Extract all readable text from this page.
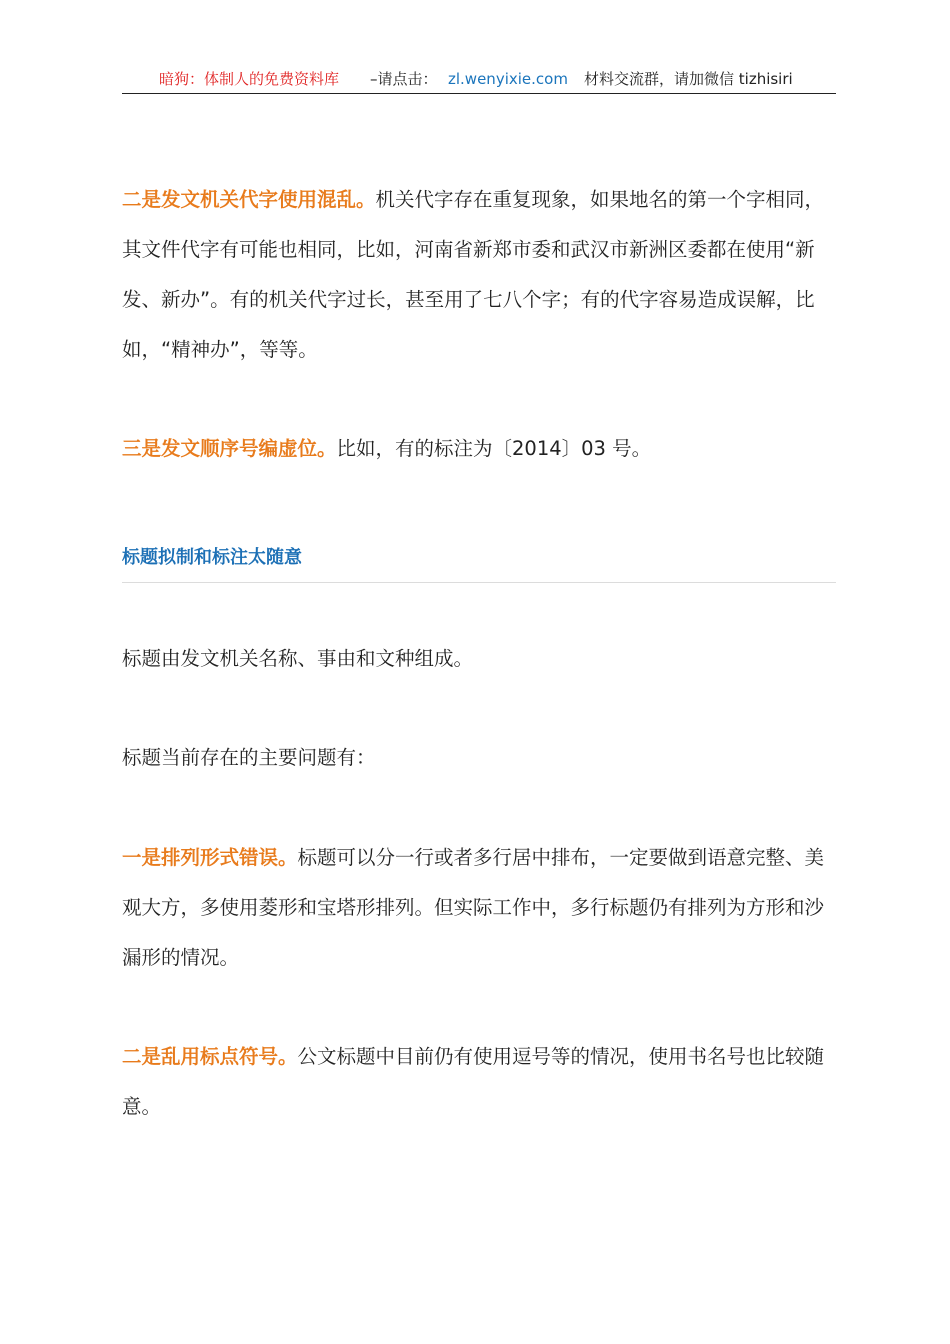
暗狗：体制人的免费资料库 –请点击： zl.wenyixie.com 材料交流群，请加微信 tizhisiri

二是发文机关代字使用混乱。机关代字存在重复现象，如果地名的第一个字相同，其文件代字有可能也相同，比如，河南省新郑市委和武汉市新洲区委都在使用“新发、新办”。有的机关代字过长，甚至用了七八个字；有的代字容易造成误解，比如，“精神办”，等等。

三是发文顺序号编虚位。比如，有的标注为〔2014〕03 号。

标题拟制和标注太随意

标题由发文机关名称、事由和文种组成。

标题当前存在的主要问题有：

一是排列形式错误。标题可以分一行或者多行居中排布，一定要做到语意完整、美观大方，多使用菱形和宝塔形排列。但实际工作中，多行标题仍有排列为方形和沙漏形的情况。

二是乱用标点符号。公文标题中目前仍有使用逗号等的情况，使用书名号也比较随意。
